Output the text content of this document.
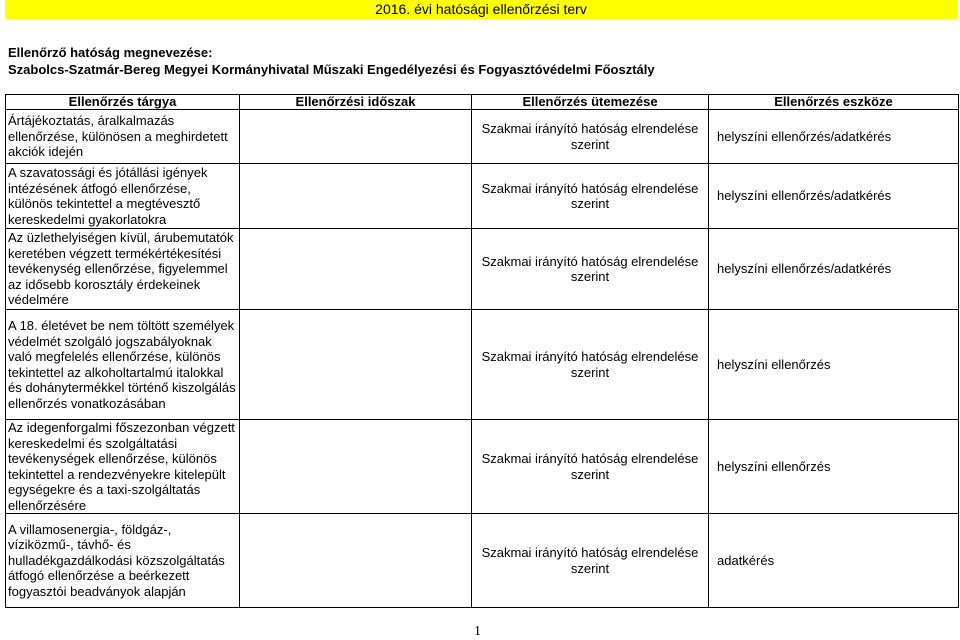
2016. évi hatósági ellenőrzési terv
Ellenőrző hatóság megnevezése:
Szabolcs-Szatmár-Bereg Megyei Kormányhivatal Műszaki Engedélyezési és Fogyasztóvédelmi Főosztály
Ellenőrzés tárgya	Ellenőrzési időszak	Ellenőrzés ütemezése	Ellenőrzés eszköze
Ártájékoztatás, áralkalmazás ellenőrzése, különösen a meghirdetett akciók idején		Szakmai irányító hatóság elrendelése szerint	helyszíni ellenőrzés/adatkérés
A szavatossági és jótállási igények intézésének átfogó ellenőrzése, különös tekintettel a megtévesztő kereskedelmi gyakorlatokra		Szakmai irányító hatóság elrendelése szerint	helyszíni ellenőrzés/adatkérés
Az üzlethelyiségen kívül, árubemutatók keretében végzett termékértékesítési tevékenység ellenőrzése, figyelemmel az idősebb korosztály érdekeinek védelmére		Szakmai irányító hatóság elrendelése szerint	helyszíni ellenőrzés/adatkérés
A 18. életévet be nem töltött személyek védelmét szolgáló jogszabályoknak való megfelelés ellenőrzése, különös tekintettel az alkoholtartalmú italokkal és dohánytermékkel történő kiszolgálás ellenőrzés vonatkozásában		Szakmai irányító hatóság elrendelése szerint	helyszíni ellenőrzés
Az idegenforgalmi főszezonban végzett kereskedelmi és szolgáltatási tevékenységek ellenőrzése, különös tekintettel a rendezvényekre kitelepült egységekre és a taxi-szolgáltatás ellenőrzésére		Szakmai irányító hatóság elrendelése szerint	helyszíni ellenőrzés
A villamosenergia-, földgáz-, víziközmű-, távhő- és hulladékgazdálkodási közszolgáltatás átfogó ellenőrzése a beérkezett fogyasztói beadványok alapján		Szakmai irányító hatóság elrendelése szerint	adatkérés
1
